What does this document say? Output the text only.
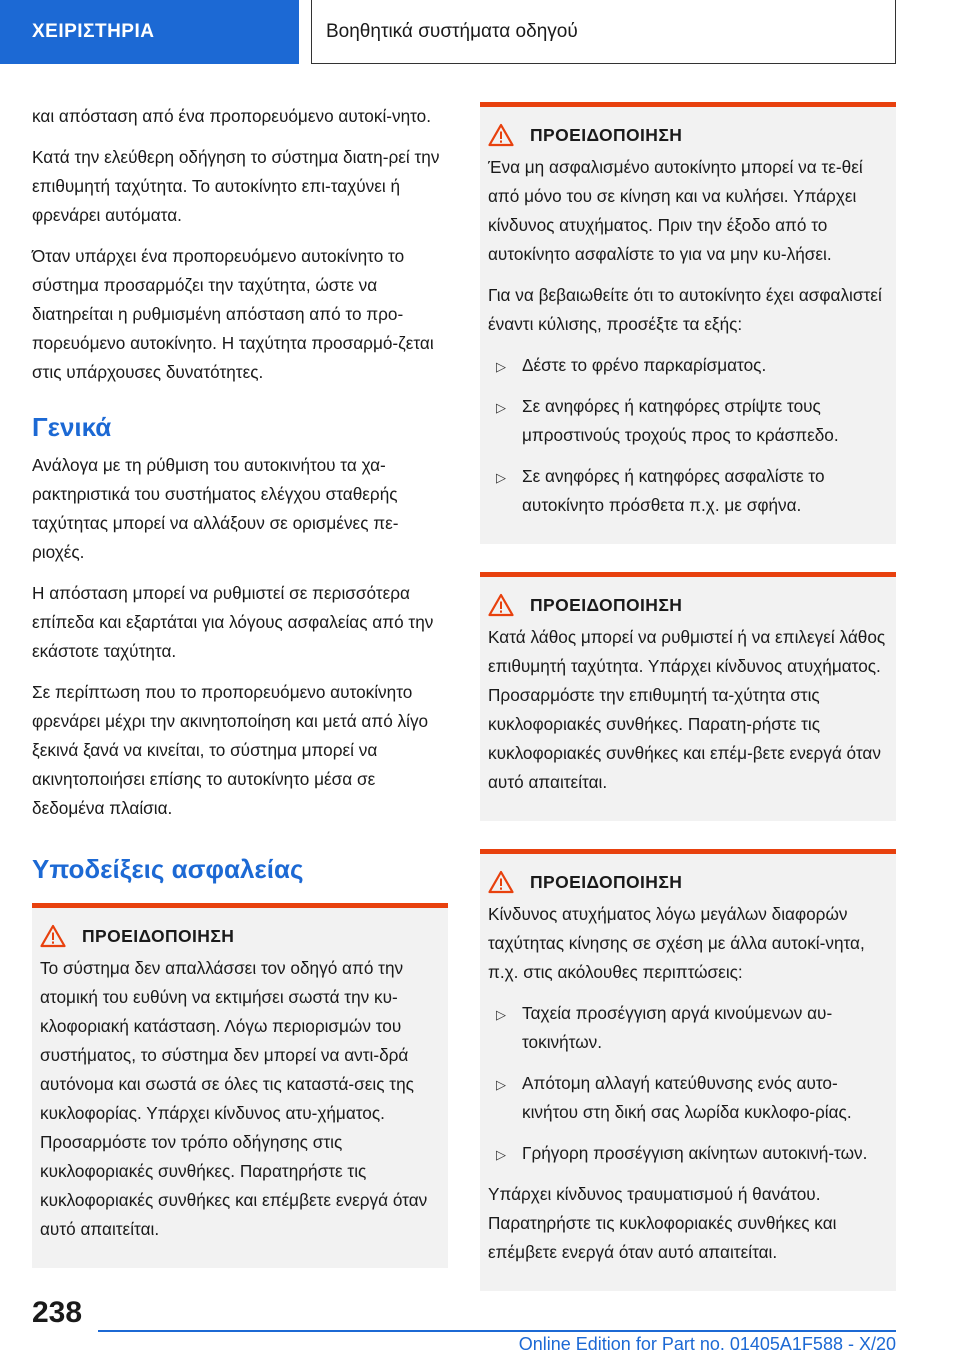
ΧΕΙΡΙΣΤΗΡΙΑ	Βοηθητικά συστήματα οδηγού

και απόσταση από ένα προπορευόμενο αυτοκί-νητο.

Κατά την ελεύθερη οδήγηση το σύστημα διατη-ρεί την επιθυμητή ταχύτητα. Το αυτοκίνητο επι-ταχύνει ή φρενάρει αυτόματα.

Όταν υπάρχει ένα προπορευόμενο αυτοκίνητο το σύστημα προσαρμόζει την ταχύτητα, ώστε να διατηρείται η ρυθμισμένη απόσταση από το προ-πορευόμενο αυτοκίνητο. Η ταχύτητα προσαρμό-ζεται στις υπάρχουσες δυνατότητες.

Γενικά

Ανάλογα με τη ρύθμιση του αυτοκινήτου τα χα-ρακτηριστικά του συστήματος ελέγχου σταθερής ταχύτητας μπορεί να αλλάξουν σε ορισμένες πε-ριοχές.

Η απόσταση μπορεί να ρυθμιστεί σε περισσότερα επίπεδα και εξαρτάται για λόγους ασφαλείας από την εκάστοτε ταχύτητα.

Σε περίπτωση που το προπορευόμενο αυτοκίνητο φρενάρει μέχρι την ακινητοποίηση και μετά από λίγο ξεκινά ξανά να κινείται, το σύστημα μπορεί να ακινητοποιήσει επίσης το αυτοκίνητο μέσα σε δεδομένα πλαίσια.

Υποδείξεις ασφαλείας
ΠΡΟΕΙΔΟΠΟΙΗΣΗ

Το σύστημα δεν απαλλάσσει τον οδηγό από την ατομική του ευθύνη να εκτιμήσει σωστά την κυ-κλοφοριακή κατάσταση. Λόγω περιορισμών του συστήματος, το σύστημα δεν μπορεί να αντι-δρά αυτόνομα και σωστά σε όλες τις καταστά-σεις της κυκλοφορίας. Υπάρχει κίνδυνος ατυ-χήματος. Προσαρμόστε τον τρόπο οδήγησης στις κυκλοφοριακές συνθήκες. Παρατηρήστε τις κυκλοφοριακές συνθήκες και επέμβετε ενεργά όταν αυτό απαιτείται.

ΠΡΟΕΙΔΟΠΟΙΗΣΗ

Ένα μη ασφαλισμένο αυτοκίνητο μπορεί να τε-θεί από μόνο του σε κίνηση και να κυλήσει. Υπάρχει κίνδυνος ατυχήματος. Πριν την έξοδο από το αυτοκίνητο ασφαλίστε το για να μην κυ-λήσει.

Για να βεβαιωθείτε ότι το αυτοκίνητο έχει ασφαλιστεί έναντι κύλισης, προσέξτε τα εξής:

▷ Δέστε το φρένο παρκαρίσματος.
▷ Σε ανηφόρες ή κατηφόρες στρίψτε τους μπροστινούς τροχούς προς το κράσπεδο.
▷ Σε ανηφόρες ή κατηφόρες ασφαλίστε το αυτοκίνητο πρόσθετα π.χ. με σφήνα.
ΠΡΟΕΙΔΟΠΟΙΗΣΗ

Κατά λάθος μπορεί να ρυθμιστεί ή να επιλεγεί λάθος επιθυμητή ταχύτητα. Υπάρχει κίνδυνος ατυχήματος. Προσαρμόστε την επιθυμητή τα-χύτητα στις κυκλοφοριακές συνθήκες. Παρατη-ρήστε τις κυκλοφοριακές συνθήκες και επέμ-βετε ενεργά όταν αυτό απαιτείται.

ΠΡΟΕΙΔΟΠΟΙΗΣΗ

Κίνδυνος ατυχήματος λόγω μεγάλων διαφορών ταχύτητας κίνησης σε σχέση με άλλα αυτοκί-νητα, π.χ. στις ακόλουθες περιπτώσεις:

▷ Ταχεία προσέγγιση αργά κινούμενων αυ-τοκινήτων.
▷ Απότομη αλλαγή κατεύθυνσης ενός αυτο-κινήτου στη δική σας λωρίδα κυκλοφο-ρίας.
▷ Γρήγορη προσέγγιση ακίνητων αυτοκινή-των.

Υπάρχει κίνδυνος τραυματισμού ή θανάτου. Παρατηρήστε τις κυκλοφοριακές συνθήκες και επέμβετε ενεργά όταν αυτό απαιτείται.

238
Online Edition for Part no. 01405A1F588 - X/20
